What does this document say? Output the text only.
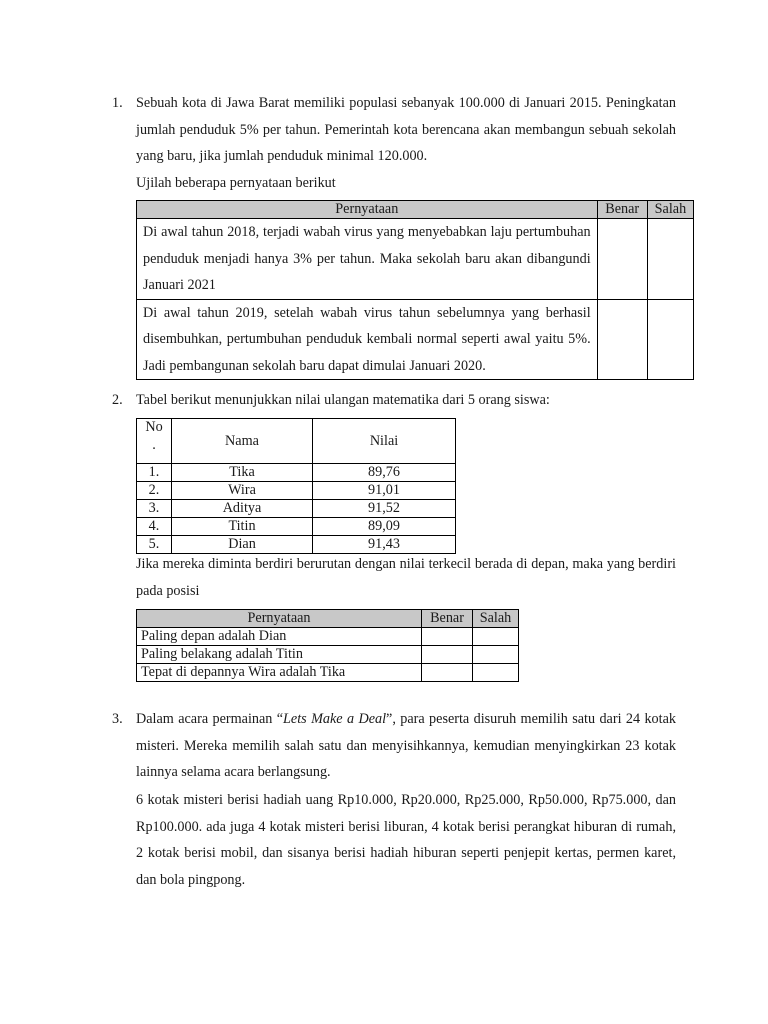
1. Sebuah kota di Jawa Barat memiliki populasi sebanyak 100.000 di Januari 2015. Peningkatan jumlah penduduk 5% per tahun. Pemerintah kota berencana akan membangun sebuah sekolah yang baru, jika jumlah penduduk minimal 120.000.

Ujilah beberapa pernyataan berikut

Pernyataan	Benar	Salah
Di awal tahun 2018, terjadi wabah virus yang menyebabkan laju pertumbuhan penduduk menjadi hanya 3% per tahun. Maka sekolah baru akan dibangundi Januari 2021		
Di awal tahun 2019, setelah wabah virus tahun sebelumnya yang berhasil disembuhkan, pertumbuhan penduduk kembali normal seperti awal yaitu 5%. Jadi pembangunan sekolah baru dapat dimulai Januari 2020.		
2. Tabel berikut menunjukkan nilai ulangan matematika dari 5 orang siswa:

No
.	Nama	Nilai
1.	Tika	89,76
2.	Wira	91,01
3.	Aditya	91,52
4.	Titin	89,09
5.	Dian	91,43

Jika mereka diminta berdiri berurutan dengan nilai terkecil berada di depan, maka yang berdiri pada posisi

Pernyataan	Benar	Salah
Paling depan adalah Dian		
Paling belakang adalah Titin		
Tepat di depannya Wira adalah Tika		
3. Dalam acara permainan “Lets Make a Deal”, para peserta disuruh memilih satu dari 24 kotak misteri. Mereka memilih salah satu dan menyisihkannya, kemudian menyingkirkan 23 kotak lainnya selama acara berlangsung.

6 kotak misteri berisi hadiah uang Rp10.000, Rp20.000, Rp25.000, Rp50.000, Rp75.000, dan Rp100.000. ada juga 4 kotak misteri berisi liburan, 4 kotak berisi perangkat hiburan di rumah, 2 kotak berisi mobil, dan sisanya berisi hadiah hiburan seperti penjepit kertas, permen karet, dan bola pingpong.
